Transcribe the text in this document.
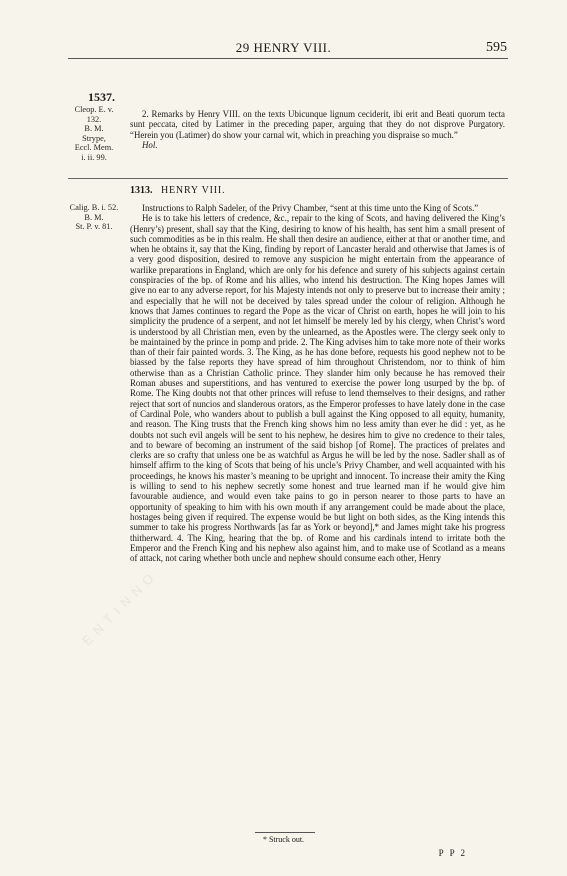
29 HENRY VIII.	595
1537.
Cleop. E. v.
132.
B. M.
Strype,
Eccl. Mem.
i. ii. 99.

2. Remarks by Henry VIII. on the texts Ubicunque lignum ceciderit, ibi erit and Beati quorum tecta sunt peccata, cited by Latimer in the preceding paper, arguing that they do not disprove Purgatory. “Herein you (Latimer) do show your carnal wit, which in preaching you dispraise so much.”

Hol.
1313. HENRY VIII.
Calig. B. i. 52.
B. M.
St. P. v. 81.

Instructions to Ralph Sadeler, of the Privy Chamber, “sent at this time unto the King of Scots.”

He is to take his letters of credence, &c., repair to the king of Scots, and having delivered the King’s (Henry’s) present, shall say that the King, desiring to know of his health, has sent him a small present of such commodities as be in this realm. He shall then desire an audience, either at that or another time, and when he obtains it, say that the King, finding by report of Lancaster herald and otherwise that James is of a very good disposition, desired to remove any suspicion he might entertain from the appearance of warlike preparations in England, which are only for his defence and surety of his subjects against certain conspiracies of the bp. of Rome and his allies, who intend his destruction. The King hopes James will give no ear to any adverse report, for his Majesty intends not only to preserve but to increase their amity ; and especially that he will not be deceived by tales spread under the colour of religion. Although he knows that James continues to regard the Pope as the vicar of Christ on earth, hopes he will join to his simplicity the prudence of a serpent, and not let himself be merely led by his clergy, when Christ’s word is understood by all Christian men, even by the unlearned, as the Apostles were. The clergy seek only to be maintained by the prince in pomp and pride. 2. The King advises him to take more note of their works than of their fair painted words. 3. The King, as he has done before, requests his good nephew not to be biassed by the false reports they have spread of him throughout Christendom, nor to think of him otherwise than as a Christian Catholic prince. They slander him only because he has removed their Roman abuses and superstitions, and has ventured to exercise the power long usurped by the bp. of Rome. The King doubts not that other princes will refuse to lend themselves to their designs, and rather reject that sort of nuncios and slanderous orators, as the Emperor professes to have lately done in the case of Cardinal Pole, who wanders about to publish a bull against the King opposed to all equity, humanity, and reason. The King trusts that the French king shows him no less amity than ever he did : yet, as he doubts not such evil angels will be sent to his nephew, he desires him to give no credence to their tales, and to beware of becoming an instrument of the said bishop [of Rome]. The practices of prelates and clerks are so crafty that unless one be as watchful as Argus he will be led by the nose. Sadler shall as of himself affirm to the king of Scots that being of his uncle’s Privy Chamber, and well acquainted with his proceedings, he knows his master’s meaning to be upright and innocent. To increase their amity the King is willing to send to his nephew secretly some honest and true learned man if he would give him favourable audience, and would even take pains to go in person nearer to those parts to have an opportunity of speaking to him with his own mouth if any arrangement could be made about the place, hostages being given if required. The expense would be but light on both sides, as the King intends this summer to take his progress Northwards [as far as York or beyond],* and James might take his progress thitherward. 4. The King, hearing that the bp. of Rome and his cardinals intend to irritate both the Emperor and the French King and his nephew also against him, and to make use of Scotland as a means of attack, not caring whether both uncle and nephew should consume each other, Henry

* Struck out.
P P 2
ENTINNO
